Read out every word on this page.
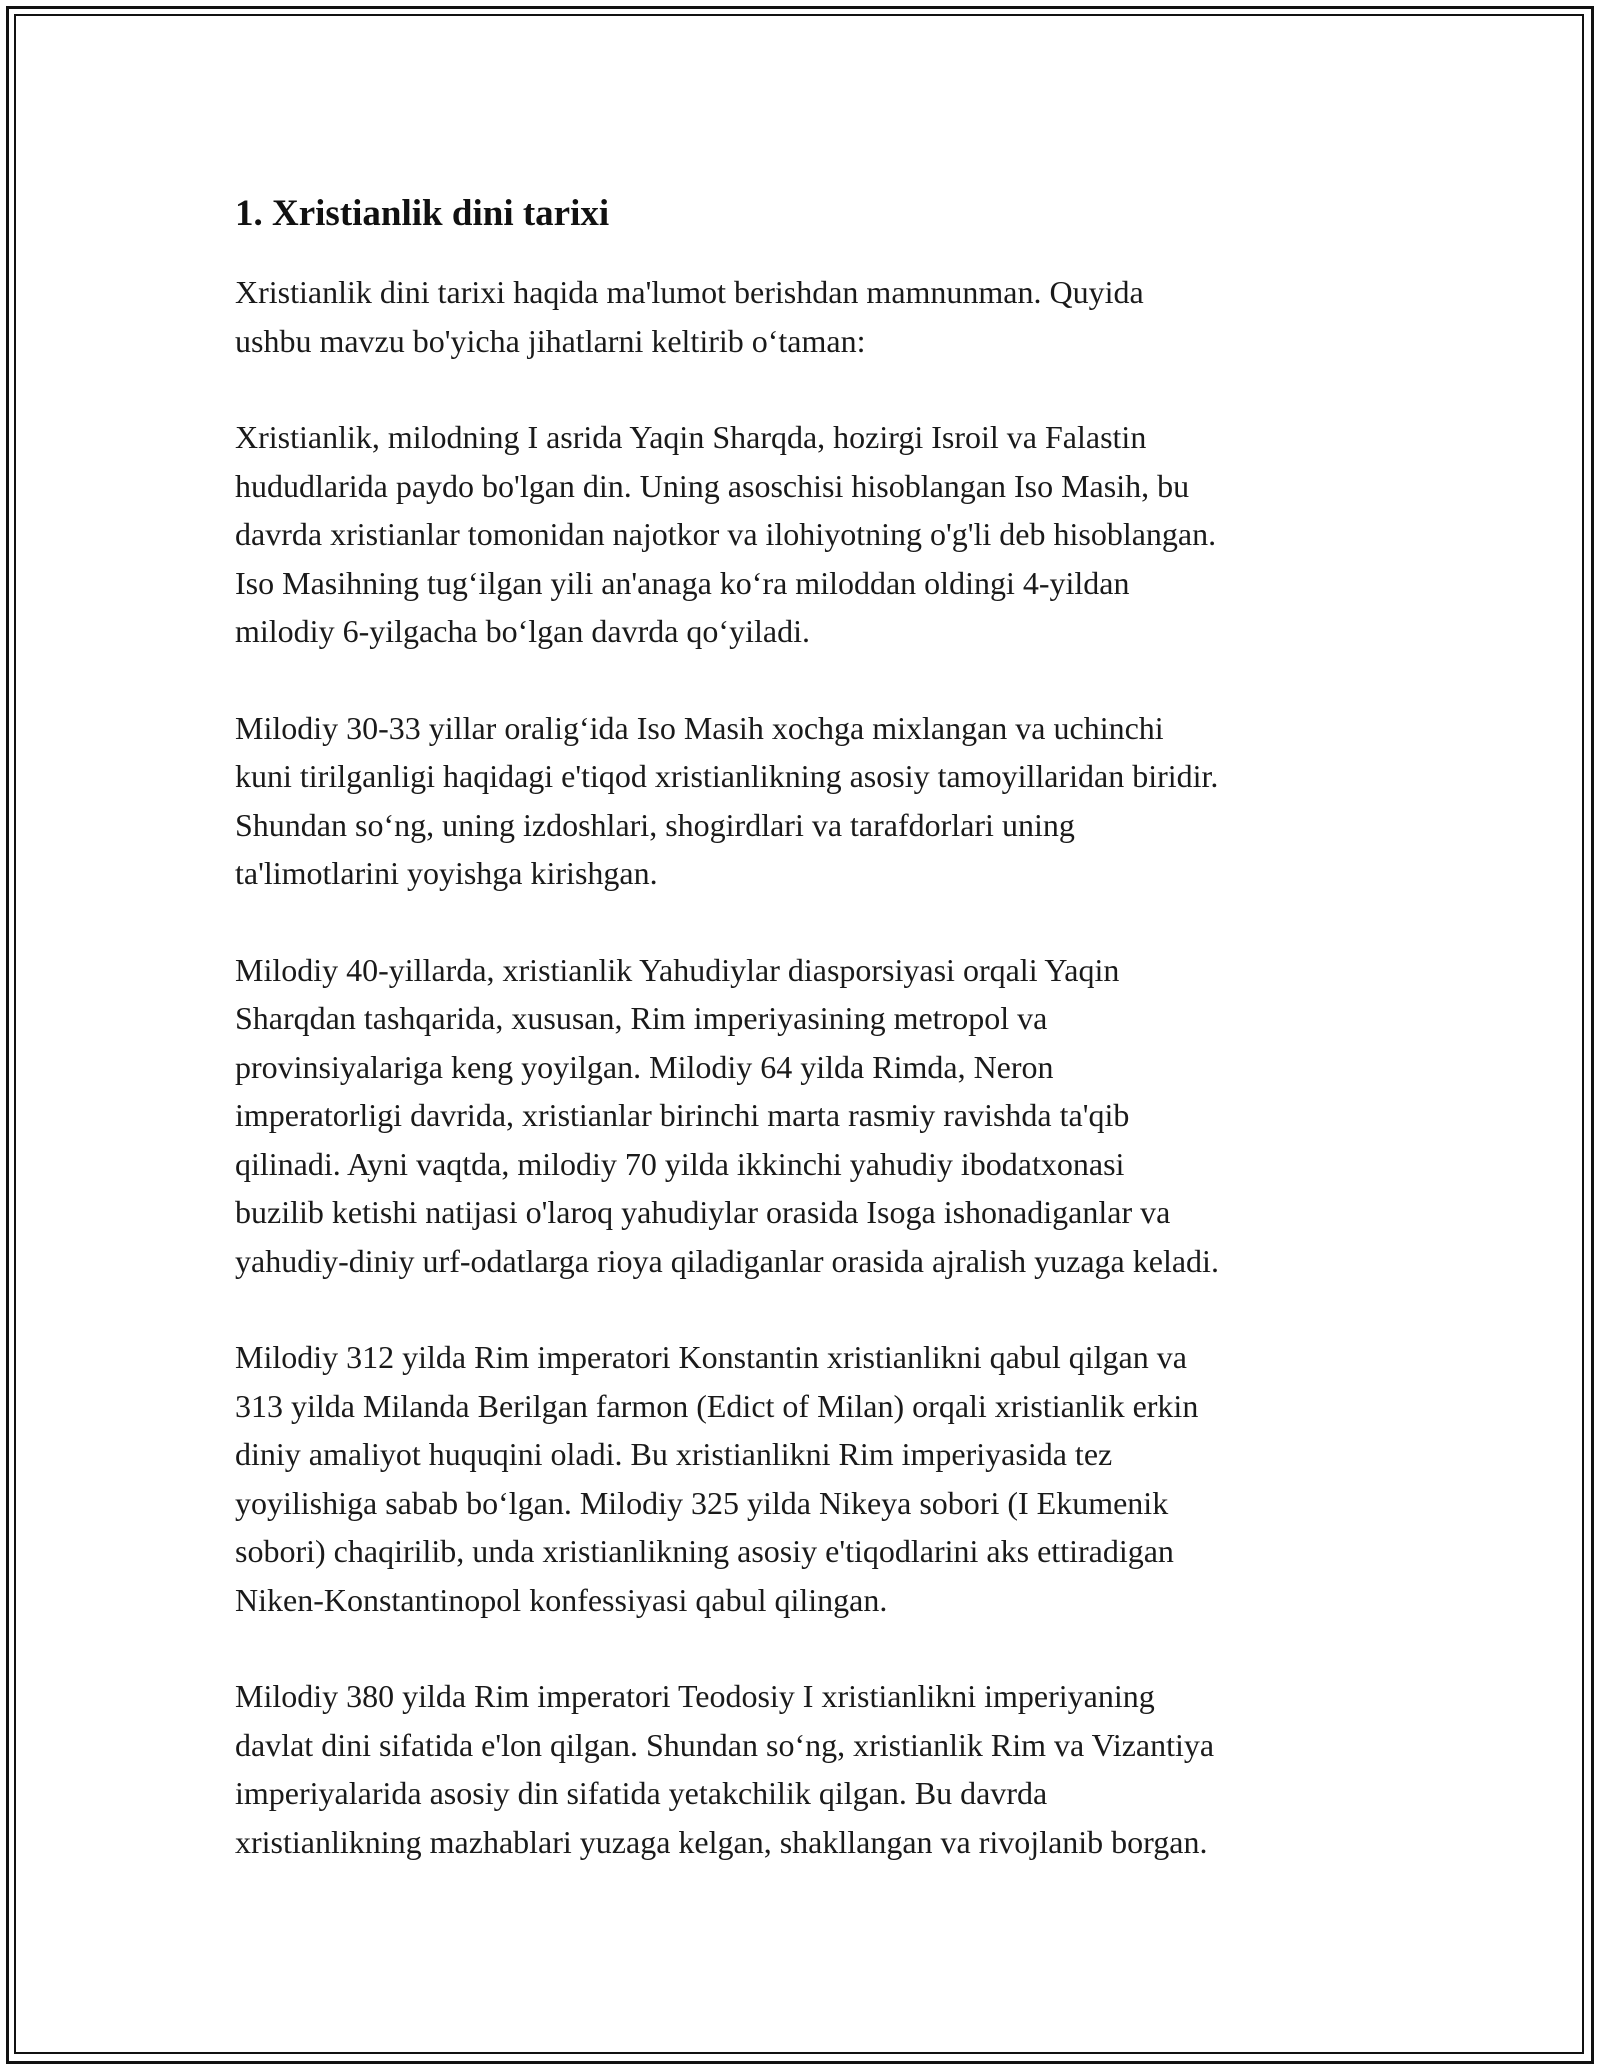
1. Xristianlik dini tarixi

Xristianlik dini tarixi haqida ma'lumot berishdan mamnunman. Quyida
ushbu mavzu bo'yicha jihatlarni keltirib o‘taman:

Xristianlik, milodning I asrida Yaqin Sharqda, hozirgi Isroil va Falastin
hududlarida paydo bo'lgan din. Uning asoschisi hisoblangan Iso Masih, bu
davrda xristianlar tomonidan najotkor va ilohiyotning o'g'li deb hisoblangan.
Iso Masihning tug‘ilgan yili an'anaga ko‘ra miloddan oldingi 4-yildan
milodiy 6-yilgacha bo‘lgan davrda qo‘yiladi.

Milodiy 30-33 yillar oralig‘ida Iso Masih xochga mixlangan va uchinchi
kuni tirilganligi haqidagi e'tiqod xristianlikning asosiy tamoyillaridan biridir.
Shundan so‘ng, uning izdoshlari, shogirdlari va tarafdorlari uning
ta'limotlarini yoyishga kirishgan.

Milodiy 40-yillarda, xristianlik Yahudiylar diasporsiyasi orqali Yaqin
Sharqdan tashqarida, xususan, Rim imperiyasining metropol va
provinsiyalariga keng yoyilgan. Milodiy 64 yilda Rimda, Neron
imperatorligi davrida, xristianlar birinchi marta rasmiy ravishda ta'qib
qilinadi. Ayni vaqtda, milodiy 70 yilda ikkinchi yahudiy ibodatxonasi
buzilib ketishi natijasi o'laroq yahudiylar orasida Isoga ishonadiganlar va
yahudiy-diniy urf-odatlarga rioya qiladiganlar orasida ajralish yuzaga keladi.

Milodiy 312 yilda Rim imperatori Konstantin xristianlikni qabul qilgan va
313 yilda Milanda Berilgan farmon (Edict of Milan) orqali xristianlik erkin
diniy amaliyot huquqini oladi. Bu xristianlikni Rim imperiyasida tez
yoyilishiga sabab bo‘lgan. Milodiy 325 yilda Nikeya sobori (I Ekumenik
sobori) chaqirilib, unda xristianlikning asosiy e'tiqodlarini aks ettiradigan
Niken-Konstantinopol konfessiyasi qabul qilingan.

Milodiy 380 yilda Rim imperatori Teodosiy I xristianlikni imperiyaning
davlat dini sifatida e'lon qilgan. Shundan so‘ng, xristianlik Rim va Vizantiya
imperiyalarida asosiy din sifatida yetakchilik qilgan. Bu davrda
xristianlikning mazhablari yuzaga kelgan, shakllangan va rivojlanib borgan.
